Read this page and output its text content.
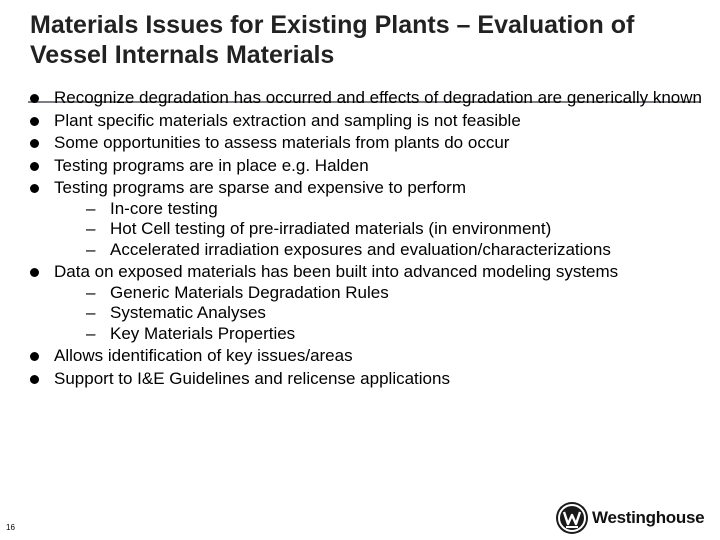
Materials Issues for Existing Plants – Evaluation of Vessel Internals Materials
Recognize degradation has occurred and effects of degradation are generically known
Plant specific materials extraction and sampling is not feasible
Some opportunities to assess materials from plants do occur
Testing programs are in place e.g. Halden
Testing programs are sparse and expensive to perform
– In-core testing
– Hot Cell testing of pre-irradiated materials (in environment)
– Accelerated irradiation exposures and evaluation/characterizations
Data on exposed materials has been built into advanced modeling systems
– Generic Materials Degradation Rules
– Systematic Analyses
– Key Materials Properties
Allows identification of key issues/areas
Support to I&E Guidelines and relicense applications
16
Westinghouse
